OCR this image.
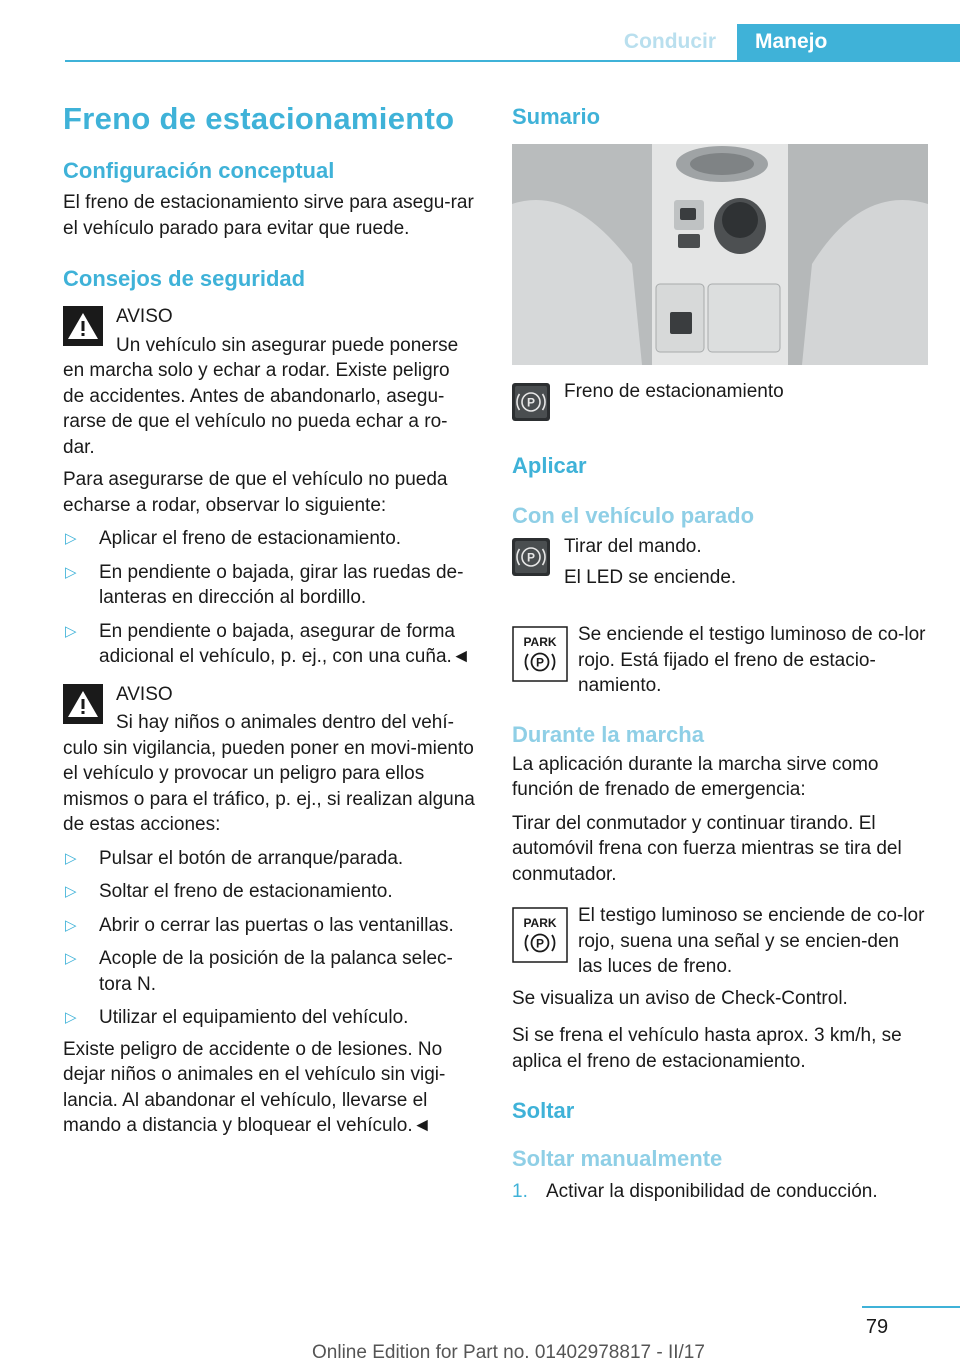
Conducir	Manejo
Freno de estacionamiento
Configuración conceptual

El freno de estacionamiento sirve para asegu-rar el vehículo parado para evitar que ruede.

Consejos de seguridad

AVISO

Un vehículo sin asegurar puede ponerse

en marcha solo y echar a rodar. Existe peligro de accidentes. Antes de abandonarlo, asegu-rarse de que el vehículo no pueda echar a ro-dar.

Para asegurarse de que el vehículo no pueda echarse a rodar, observar lo siguiente:

▷ Aplicar el freno de estacionamiento.
▷ En pendiente o bajada, girar las ruedas de-lanteras en dirección al bordillo.
▷ En pendiente o bajada, asegurar de forma adicional el vehículo, p. ej., con una cuña.◄

AVISO

Si hay niños o animales dentro del vehí-

culo sin vigilancia, pueden poner en movi-miento el vehículo y provocar un peligro para ellos mismos o para el tráfico, p. ej., si realizan alguna de estas acciones:

▷ Pulsar el botón de arranque/parada.
▷ Soltar el freno de estacionamiento.
▷ Abrir o cerrar las puertas o las ventanillas.
▷ Acople de la posición de la palanca selec-tora N.
▷ Utilizar el equipamiento del vehículo.

Existe peligro de accidente o de lesiones. No dejar niños o animales en el vehículo sin vigi-lancia. Al abandonar el vehículo, llevarse el mando a distancia y bloquear el vehículo.◄

Sumario
P

Freno de estacionamiento

Aplicar
Con el vehículo parado
P

Tirar del mando.

El LED se enciende.

PARK
P

Se enciende el testigo luminoso de co-lor rojo. Está fijado el freno de estacio-namiento.

Durante la marcha

La aplicación durante la marcha sirve como función de frenado de emergencia:

Tirar del conmutador y continuar tirando. El automóvil frena con fuerza mientras se tira del conmutador.

PARK
P

El testigo luminoso se enciende de co-lor rojo, suena una señal y se encien-den las luces de freno.

Se visualiza un aviso de Check-Control.

Si se frena el vehículo hasta aprox. 3 km/h, se aplica el freno de estacionamiento.

Soltar
Soltar manualmente
1. Activar la disponibilidad de conducción.
79
Online Edition for Part no. 01402978817 - II/17
